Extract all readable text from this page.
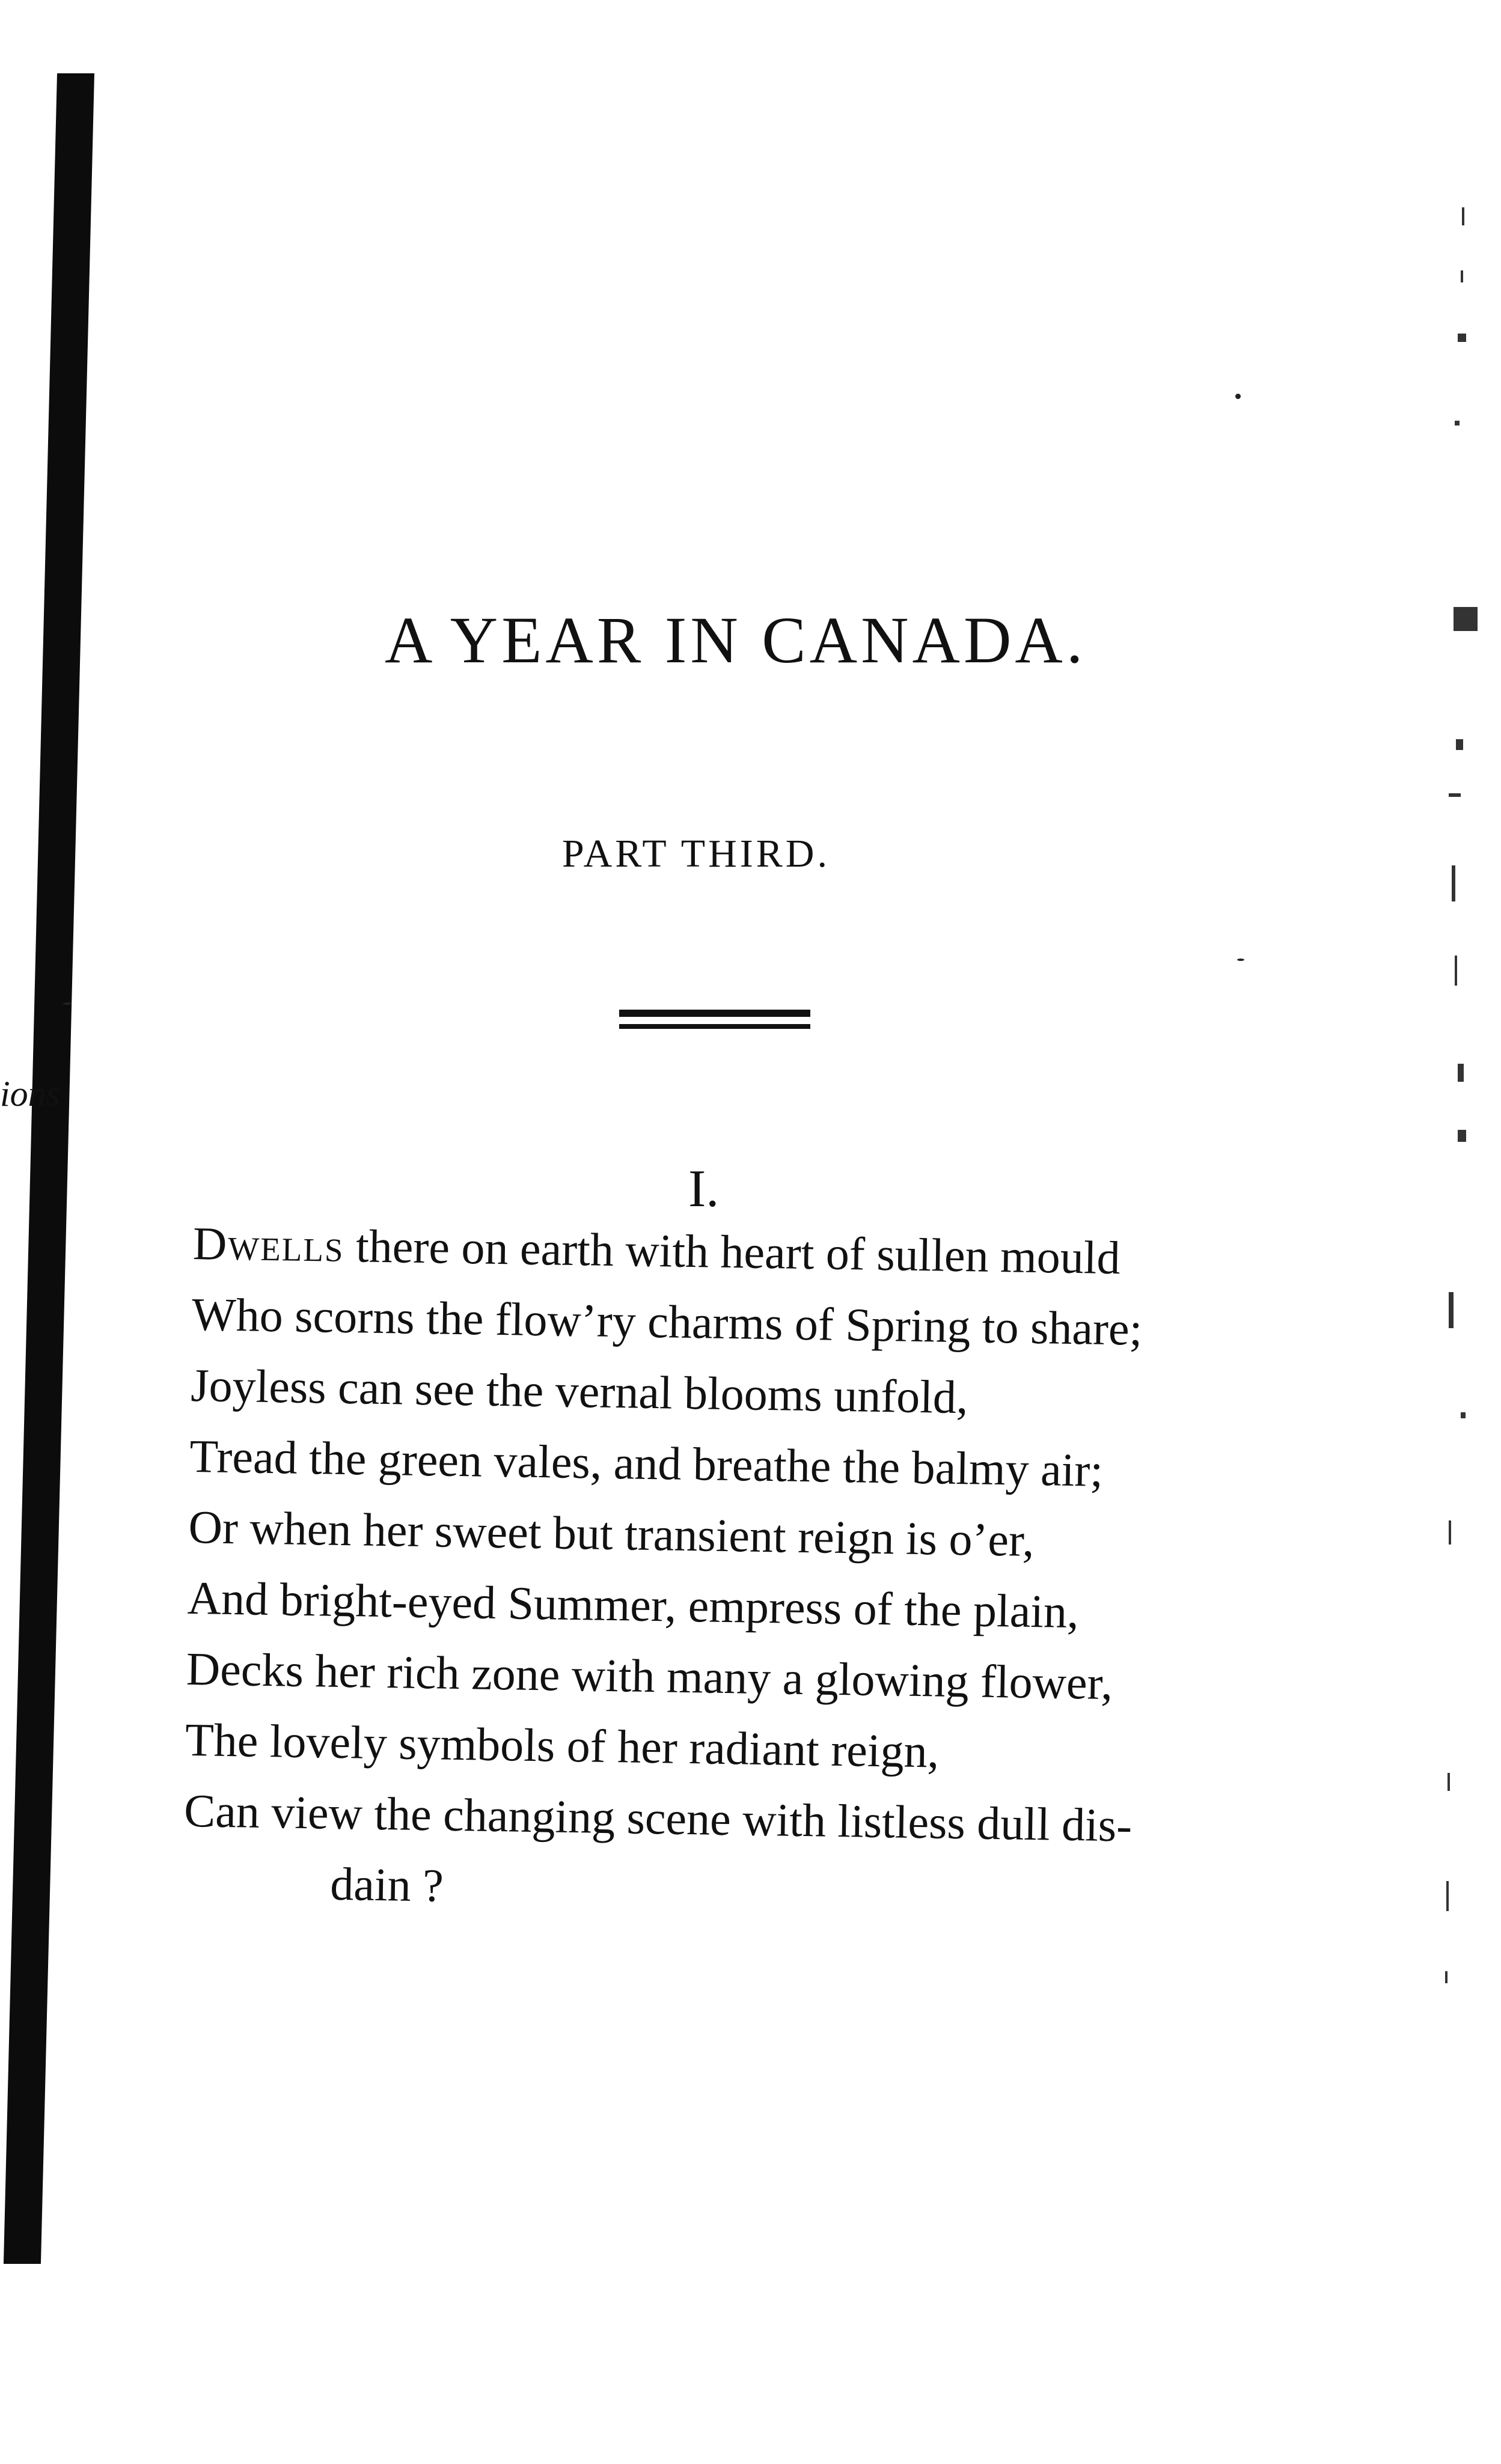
ions
A YEAR IN CANADA.
PART THIRD.
I.
Dwells there on earth with heart of sullen mould
Who scorns the flow’ry charms of Spring to share;
Joyless can see the vernal blooms unfold,
Tread the green vales, and breathe the balmy air;
Or when her sweet but transient reign is o’er,
And bright-eyed Summer, empress of the plain,
Decks her rich zone with many a glowing flower,
The lovely symbols of her radiant reign,
Can view the changing scene with listless dull dis-
dain ?
